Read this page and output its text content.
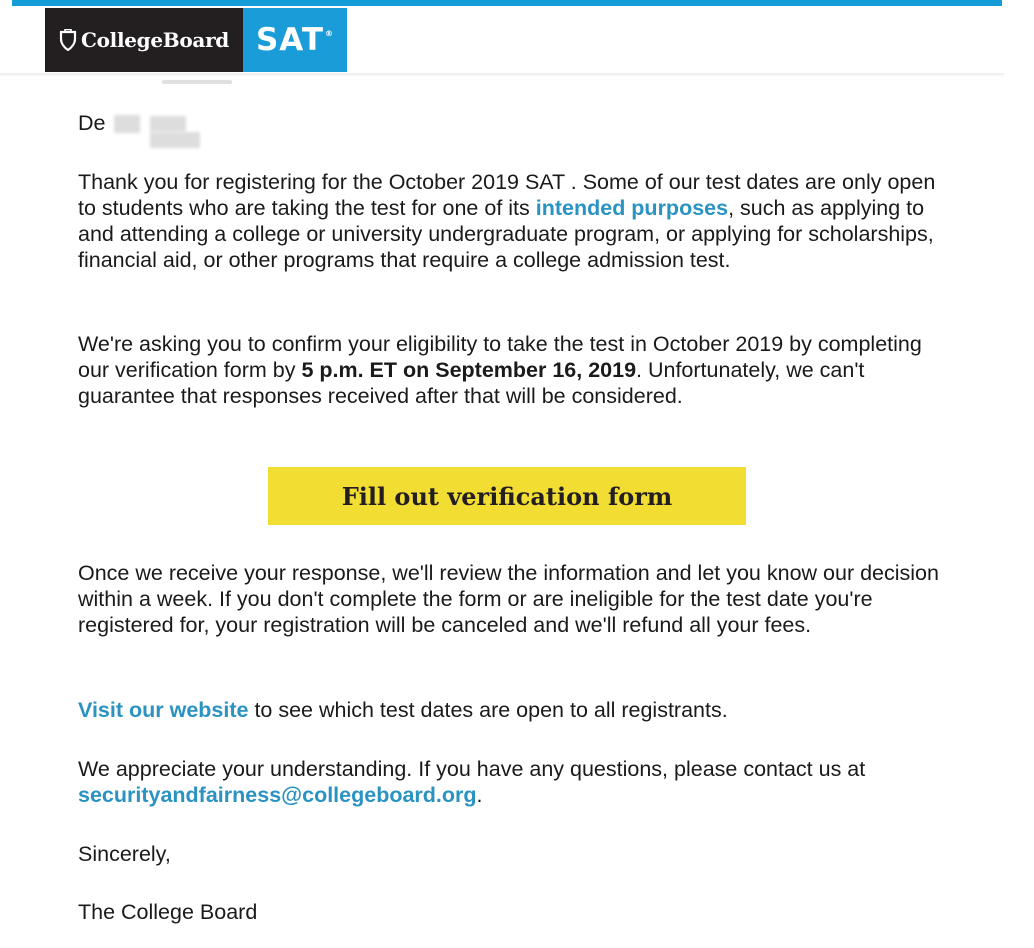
CollegeBoard SAT®

De

Thank you for registering for the October 2019 SAT . Some of our test dates are only open to students who are taking the test for one of its intended purposes, such as applying to and attending a college or university undergraduate program, or applying for scholarships, financial aid, or other programs that require a college admission test.

We're asking you to confirm your eligibility to take the test in October 2019 by completing our verification form by 5 p.m. ET on September 16, 2019. Unfortunately, we can't guarantee that responses received after that will be considered.

Once we receive your response, we'll review the information and let you know our decision within a week. If you don't complete the form or are ineligible for the test date you're registered for, your registration will be canceled and we'll refund all your fees.

Visit our website to see which test dates are open to all registrants.

We appreciate your understanding. If you have any questions, please contact us at securityandfairness@collegeboard.org.

Sincerely,

The College Board

Fill out verification form
